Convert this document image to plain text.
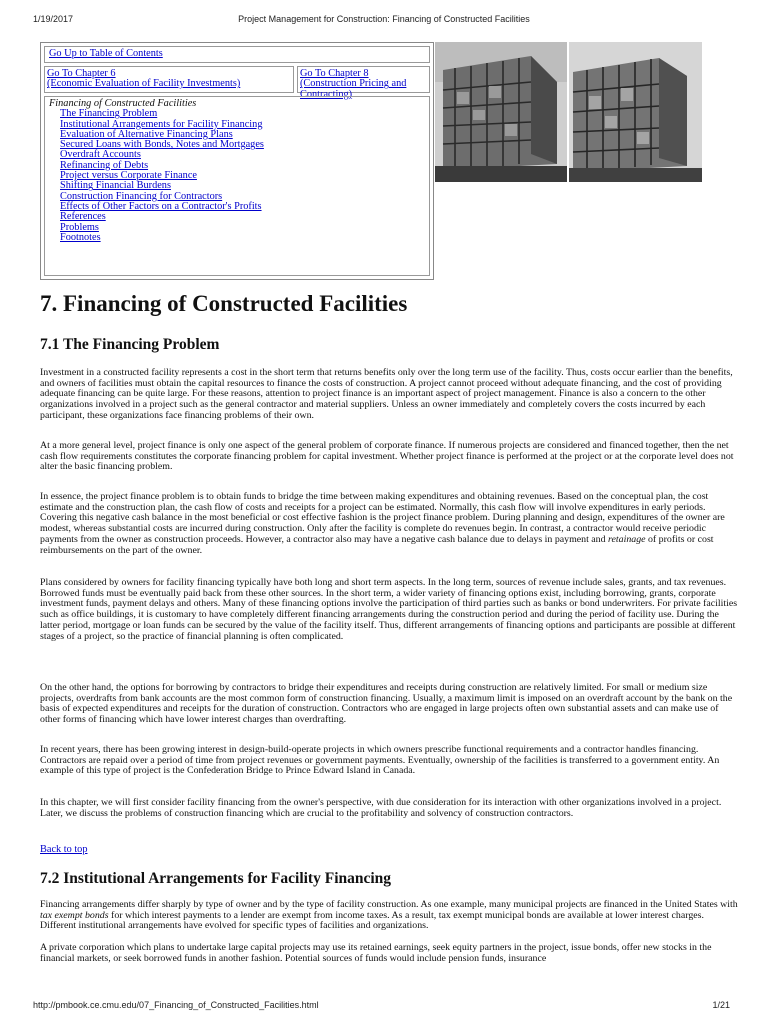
1/19/2017	Project Management for Construction: Financing of Constructed Facilities
Go Up to Table of Contents
Go To Chapter 6
(Economic Evaluation of Facility Investments)
Go To Chapter 8
(Construction Pricing and Contracting)
Financing of Constructed Facilities
The Financing Problem
Institutional Arrangements for Facility Financing
Evaluation of Alternative Financing Plans
Secured Loans with Bonds, Notes and Mortgages
Overdraft Accounts
Refinancing of Debts
Project versus Corporate Finance
Shifting Financial Burdens
Construction Financing for Contractors
Effects of Other Factors on a Contractor's Profits
References
Problems
Footnotes
7. Financing of Constructed Facilities
7.1 The Financing Problem

Investment in a constructed facility represents a cost in the short term that returns benefits only over the long term use of the facility. Thus, costs occur earlier than the benefits, and owners of facilities must obtain the capital resources to finance the costs of construction. A project cannot proceed without adequate financing, and the cost of providing adequate financing can be quite large. For these reasons, attention to project finance is an important aspect of project management. Finance is also a concern to the other organizations involved in a project such as the general contractor and material suppliers. Unless an owner immediately and completely covers the costs incurred by each participant, these organizations face financing problems of their own.

At a more general level, project finance is only one aspect of the general problem of corporate finance. If numerous projects are considered and financed together, then the net cash flow requirements constitutes the corporate financing problem for capital investment. Whether project finance is performed at the project or at the corporate level does not alter the basic financing problem.

In essence, the project finance problem is to obtain funds to bridge the time between making expenditures and obtaining revenues. Based on the conceptual plan, the cost estimate and the construction plan, the cash flow of costs and receipts for a project can be estimated. Normally, this cash flow will involve expenditures in early periods. Covering this negative cash balance in the most beneficial or cost effective fashion is the project finance problem. During planning and design, expenditures of the owner are modest, whereas substantial costs are incurred during construction. Only after the facility is complete do revenues begin. In contrast, a contractor would receive periodic payments from the owner as construction proceeds. However, a contractor also may have a negative cash balance due to delays in payment and retainage of profits or cost reimbursements on the part of the owner.

Plans considered by owners for facility financing typically have both long and short term aspects. In the long term, sources of revenue include sales, grants, and tax revenues. Borrowed funds must be eventually paid back from these other sources. In the short term, a wider variety of financing options exist, including borrowing, grants, corporate investment funds, payment delays and others. Many of these financing options involve the participation of third parties such as banks or bond underwriters. For private facilities such as office buildings, it is customary to have completely different financing arrangements during the construction period and during the period of facility use. During the latter period, mortgage or loan funds can be secured by the value of the facility itself. Thus, different arrangements of financing options and participants are possible at different stages of a project, so the practice of financial planning is often complicated.

On the other hand, the options for borrowing by contractors to bridge their expenditures and receipts during construction are relatively limited. For small or medium size projects, overdrafts from bank accounts are the most common form of construction financing. Usually, a maximum limit is imposed on an overdraft account by the bank on the basis of expected expenditures and receipts for the duration of construction. Contractors who are engaged in large projects often own substantial assets and can make use of other forms of financing which have lower interest charges than overdrafting.

In recent years, there has been growing interest in design-build-operate projects in which owners prescribe functional requirements and a contractor handles financing. Contractors are repaid over a period of time from project revenues or government payments. Eventually, ownership of the facilities is transferred to a government entity. An example of this type of project is the Confederation Bridge to Prince Edward Island in Canada.

In this chapter, we will first consider facility financing from the owner's perspective, with due consideration for its interaction with other organizations involved in a project. Later, we discuss the problems of construction financing which are crucial to the profitability and solvency of construction contractors.

Back to top
7.2 Institutional Arrangements for Facility Financing

Financing arrangements differ sharply by type of owner and by the type of facility construction. As one example, many municipal projects are financed in the United States with tax exempt bonds for which interest payments to a lender are exempt from income taxes. As a result, tax exempt municipal bonds are available at lower interest charges. Different institutional arrangements have evolved for specific types of facilities and organizations.

A private corporation which plans to undertake large capital projects may use its retained earnings, seek equity partners in the project, issue bonds, offer new stocks in the financial markets, or seek borrowed funds in another fashion. Potential sources of funds would include pension funds, insurance

http://pmbook.ce.cmu.edu/07_Financing_of_Constructed_Facilities.html	1/21
